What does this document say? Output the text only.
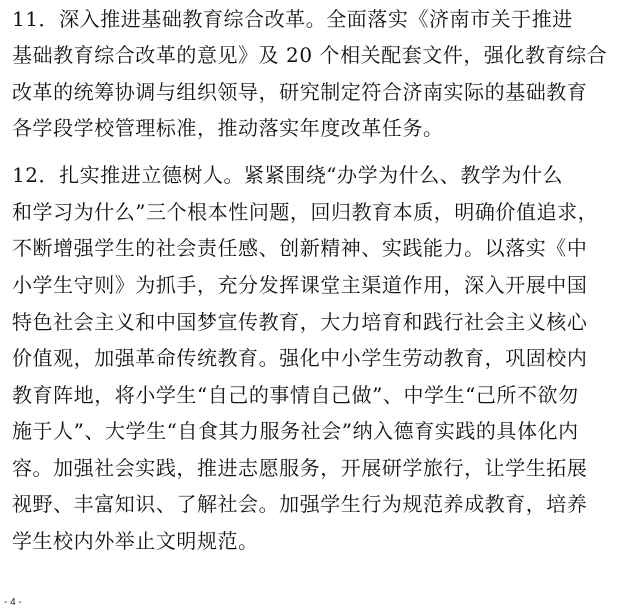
11．深入推进基础教育综合改革。全面落实《济南市关于推进
基础教育综合改革的意见》及 20 个相关配套文件，强化教育综合
改革的统筹协调与组织领导，研究制定符合济南实际的基础教育
各学段学校管理标准，推动落实年度改革任务。
12．扎实推进立德树人。紧紧围绕“办学为什么、教学为什么
和学习为什么”三个根本性问题，回归教育本质，明确价值追求，
不断增强学生的社会责任感、创新精神、实践能力。以落实《中
小学生守则》为抓手，充分发挥课堂主渠道作用，深入开展中国
特色社会主义和中国梦宣传教育，大力培育和践行社会主义核心
价值观，加强革命传统教育。强化中小学生劳动教育，巩固校内
教育阵地，将小学生“自己的事情自己做”、中学生“己所不欲勿
施于人”、大学生“自食其力服务社会”纳入德育实践的具体化内
容。加强社会实践，推进志愿服务，开展研学旅行，让学生拓展
视野、丰富知识、了解社会。加强学生行为规范养成教育，培养
学生校内外举止文明规范。
- 4 -
